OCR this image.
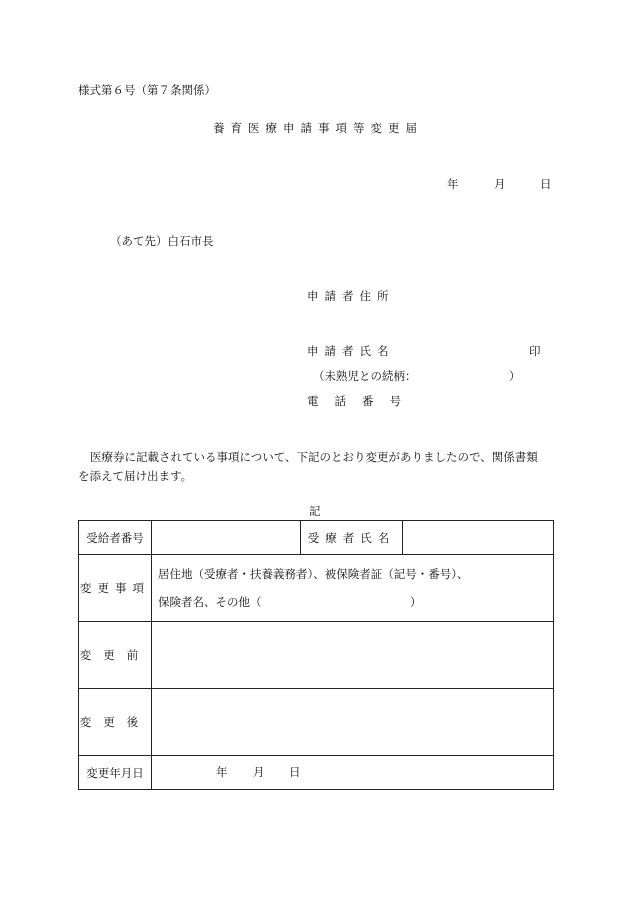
様式第６号（第７条関係）
養育医療申請事項等変更届
年	月	日
（あて先）白石市長
申請者住所
申請者氏名	印
（未熟児との続柄：	）
電話番号
医療券に記載されている事項について、下記のとおり変更がありましたので、関係書類
を添えて届け出ます。
記
受給者番号		受療者氏名	
変更事項	居住地（受療者・扶養義務者）、被保険者証（記号・番号）、
保険者名、その他（ ）		

変更前			
変更後			
変更年月日	年 月 日		
